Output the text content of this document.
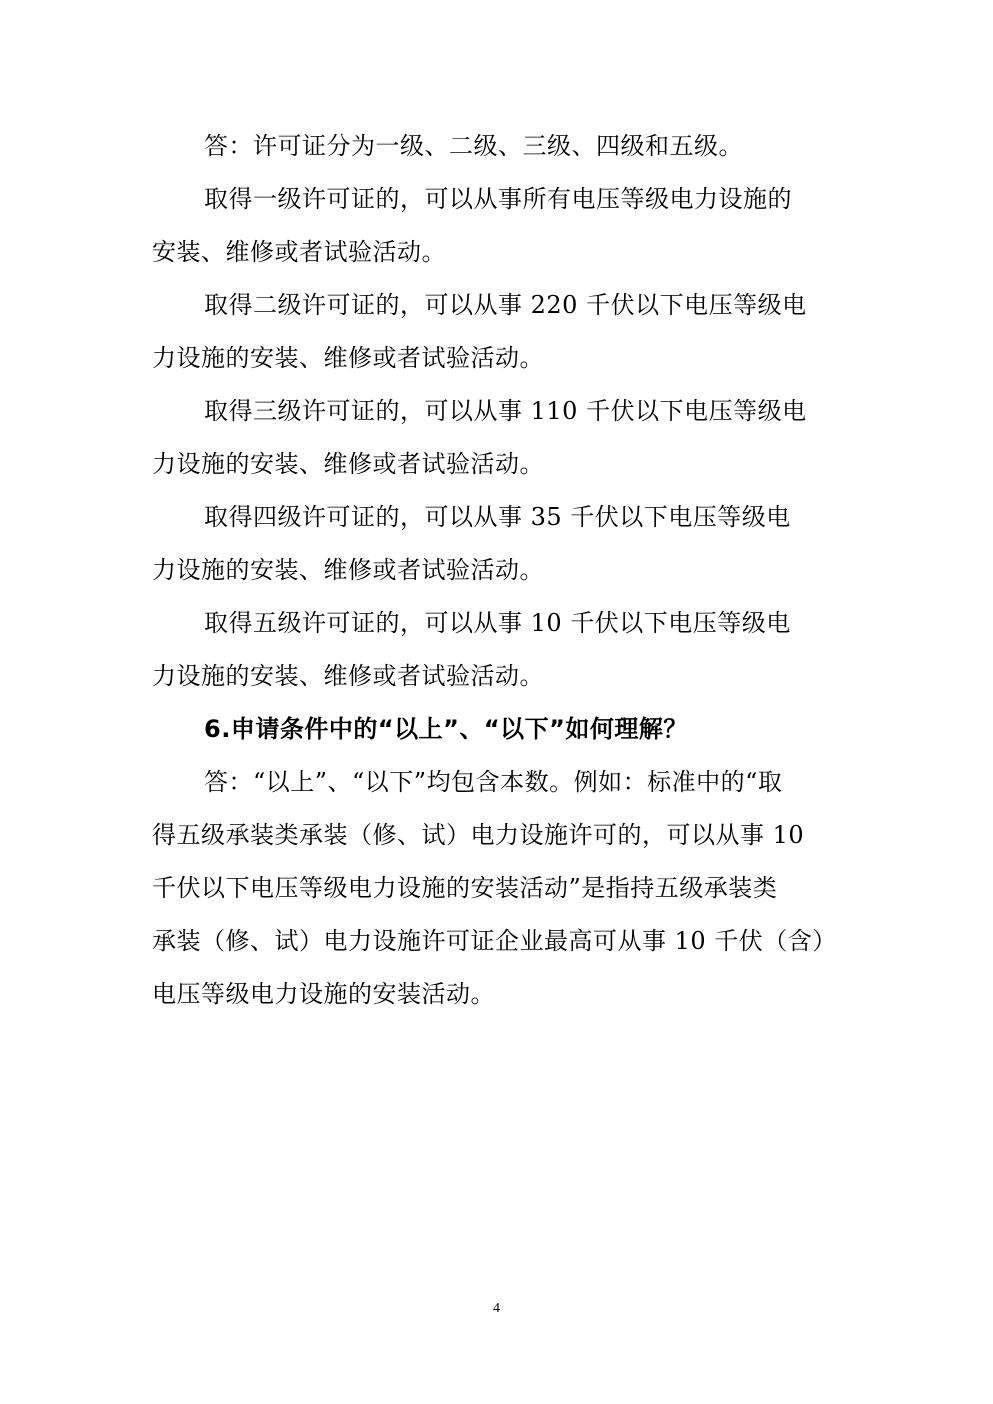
答：许可证分为一级、二级、三级、四级和五级。
取得一级许可证的，可以从事所有电压等级电力设施的
安装、维修或者试验活动。
取得二级许可证的，可以从事 220 千伏以下电压等级电
力设施的安装、维修或者试验活动。
取得三级许可证的，可以从事 110 千伏以下电压等级电
力设施的安装、维修或者试验活动。
取得四级许可证的，可以从事 35 千伏以下电压等级电
力设施的安装、维修或者试验活动。
取得五级许可证的，可以从事 10 千伏以下电压等级电
力设施的安装、维修或者试验活动。
6.申请条件中的“以上”、“以下”如何理解？
答：“以上”、“以下”均包含本数。例如：标准中的“取
得五级承装类承装（修、试）电力设施许可的，可以从事 10
千伏以下电压等级电力设施的安装活动”是指持五级承装类
承装（修、试）电力设施许可证企业最高可从事 10 千伏（含）
电压等级电力设施的安装活动。
4
